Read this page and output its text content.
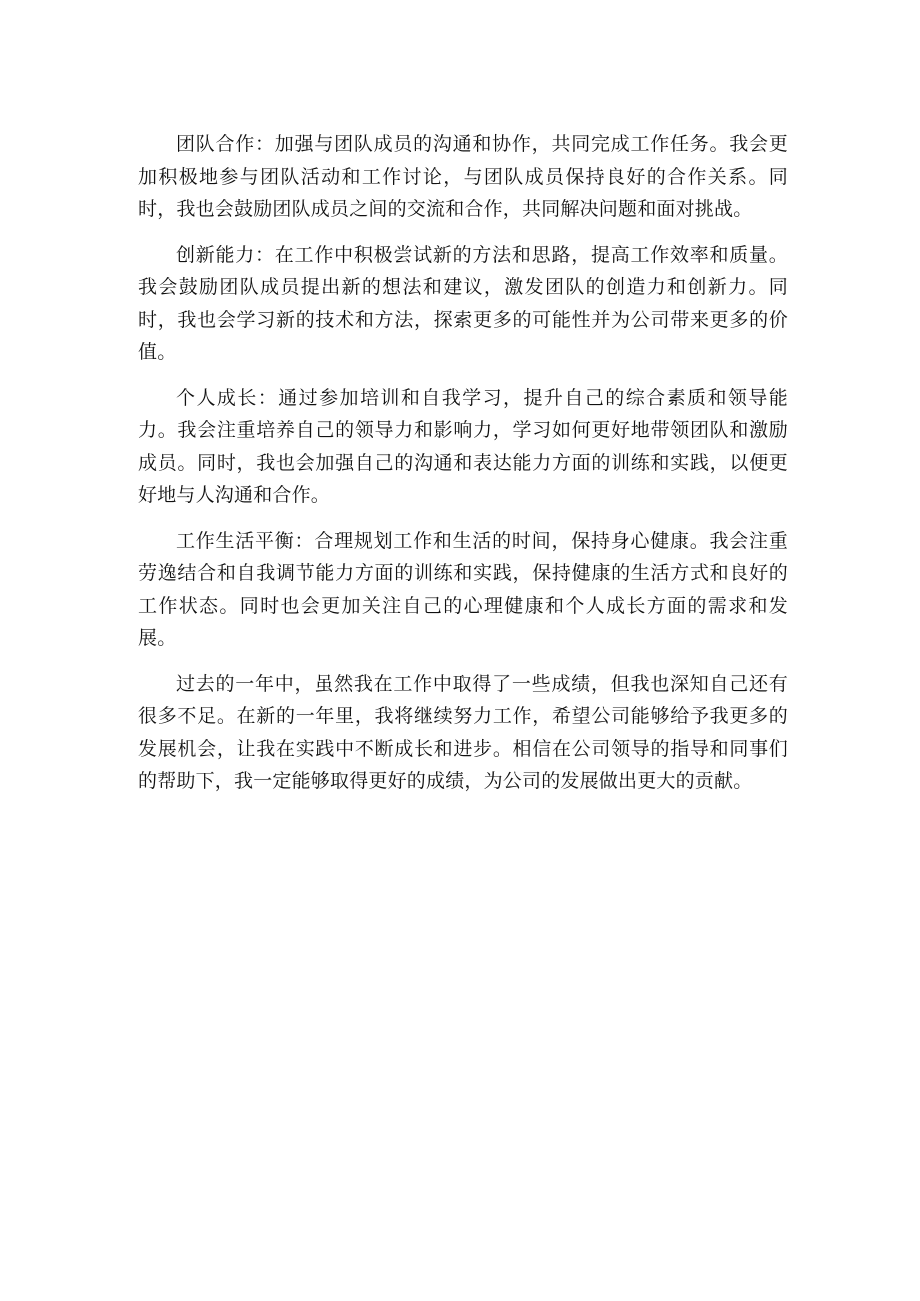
团队合作：加强与团队成员的沟通和协作，共同完成工作任务。我会更加积极地参与团队活动和工作讨论，与团队成员保持良好的合作关系。同时，我也会鼓励团队成员之间的交流和合作，共同解决问题和面对挑战。

创新能力：在工作中积极尝试新的方法和思路，提高工作效率和质量。我会鼓励团队成员提出新的想法和建议，激发团队的创造力和创新力。同时，我也会学习新的技术和方法，探索更多的可能性并为公司带来更多的价值。

个人成长：通过参加培训和自我学习，提升自己的综合素质和领导能力。我会注重培养自己的领导力和影响力，学习如何更好地带领团队和激励成员。同时，我也会加强自己的沟通和表达能力方面的训练和实践，以便更好地与人沟通和合作。

工作生活平衡：合理规划工作和生活的时间，保持身心健康。我会注重劳逸结合和自我调节能力方面的训练和实践，保持健康的生活方式和良好的工作状态。同时也会更加关注自己的心理健康和个人成长方面的需求和发展。

过去的一年中，虽然我在工作中取得了一些成绩，但我也深知自己还有很多不足。在新的一年里，我将继续努力工作，希望公司能够给予我更多的发展机会，让我在实践中不断成长和进步。相信在公司领导的指导和同事们的帮助下，我一定能够取得更好的成绩，为公司的发展做出更大的贡献。
